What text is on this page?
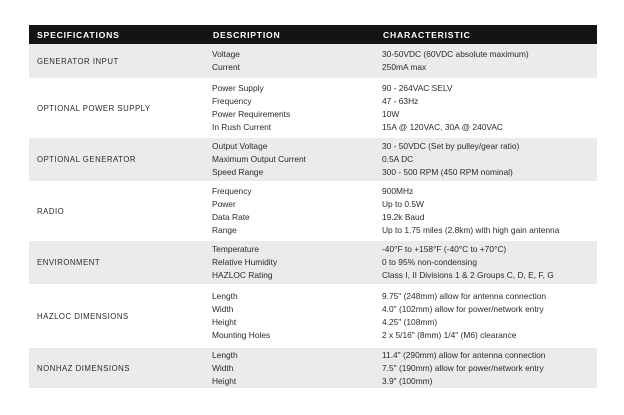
SPECIFICATIONS	DESCRIPTION	CHARACTERISTIC
GENERATOR INPUT
Voltage
Current
30-50VDC (60VDC absolute maximum)
250mA max
OPTIONAL POWER SUPPLY
Power Supply
Frequency
Power Requirements
In Rush Current
90 - 264VAC SELV
47 - 63Hz
10W
15A @ 120VAC, 30A @ 240VAC
OPTIONAL GENERATOR
Output Voltage
Maximum Output Current
Speed Range
30 - 50VDC (Set by pulley/gear ratio)
0.5A DC
300 - 500 RPM (450 RPM nominal)
RADIO
Frequency
Power
Data Rate
Range
900MHz
Up to 0.5W
19.2k Baud
Up to 1.75 miles (2.8km) with high gain antenna
ENVIRONMENT
Temperature
Relative Humidity
HAZLOC Rating
-40°F to +158°F (-40°C to +70°C)
0 to 95% non-condensing
Class I, II Divisions 1 & 2 Groups C, D, E, F, G
HAZLOC DIMENSIONS
Length
Width
Height
Mounting Holes
9.75" (248mm) allow for antenna connection
4.0" (102mm) allow for power/network entry
4.25" (108mm)
2 x 5/16" (8mm) 1/4" (M6) clearance
NONHAZ DIMENSIONS
Length
Width
Height
11.4" (290mm) allow for antenna connection
7.5" (190mm) allow for power/network entry
3.9" (100mm)
